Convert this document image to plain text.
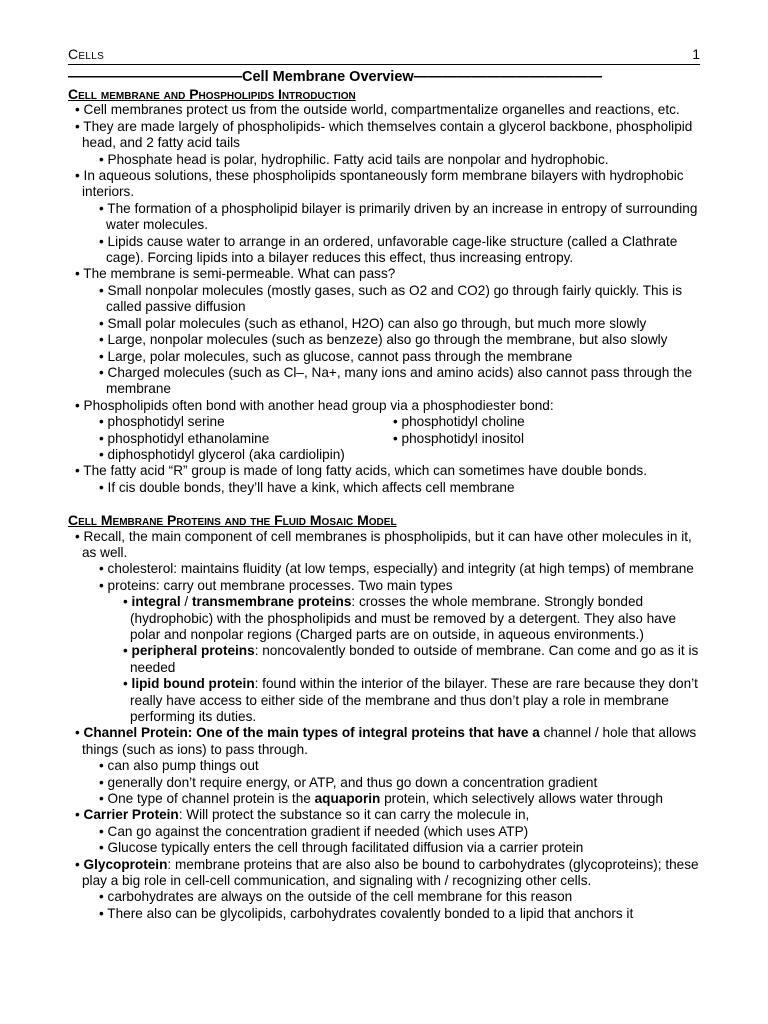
Cells	1

————————————Cell Membrane Overview—————————————

Cell membrane and Phospholipids Introduction

• Cell membranes protect us from the outside world, compartmentalize organelles and reactions, etc.

• They are made largely of phospholipids- which themselves contain a glycerol backbone, phospholipid head, and 2 fatty acid tails

• Phosphate head is polar, hydrophilic. Fatty acid tails are nonpolar and hydrophobic.

• In aqueous solutions, these phospholipids spontaneously form membrane bilayers with hydrophobic interiors.

• The formation of a phospholipid bilayer is primarily driven by an increase in entropy of surrounding water molecules.

• Lipids cause water to arrange in an ordered, unfavorable cage-like structure (called a Clathrate cage). Forcing lipids into a bilayer reduces this effect, thus increasing entropy.

• The membrane is semi-permeable. What can pass?

• Small nonpolar molecules (mostly gases, such as O2 and CO2) go through fairly quickly. This is called passive diffusion

• Small polar molecules (such as ethanol, H2O) can also go through, but much more slowly

• Large, nonpolar molecules (such as benzeze) also go through the membrane, but also slowly

• Large, polar molecules, such as glucose, cannot pass through the membrane

• Charged molecules (such as Cl–, Na+, many ions and amino acids) also cannot pass through the membrane

• Phospholipids often bond with another head group via a phosphodiester bond:

• phosphotidyl serine	• phosphotidyl choline
• phosphotidyl ethanolamine	• phosphotidyl inositol
• diphosphotidyl glycerol (aka cardiolipin)

• The fatty acid “R” group is made of long fatty acids, which can sometimes have double bonds.

• If cis double bonds, they’ll have a kink, which affects cell membrane

Cell Membrane Proteins and the Fluid Mosaic Model

• Recall, the main component of cell membranes is phospholipids, but it can have other molecules in it, as well.

• cholesterol: maintains fluidity (at low temps, especially) and integrity (at high temps) of membrane

• proteins: carry out membrane processes. Two main types

• integral / transmembrane proteins: crosses the whole membrane. Strongly bonded (hydrophobic) with the phospholipids and must be removed by a detergent. They also have polar and nonpolar regions (Charged parts are on outside, in aqueous environments.)

• peripheral proteins: noncovalently bonded to outside of membrane. Can come and go as it is needed

• lipid bound protein: found within the interior of the bilayer. These are rare because they don’t really have access to either side of the membrane and thus don’t play a role in membrane performing its duties.

• Channel Protein: One of the main types of integral proteins that have a channel / hole that allows things (such as ions) to pass through.

• can also pump things out

• generally don’t require energy, or ATP, and thus go down a concentration gradient

• One type of channel protein is the aquaporin protein, which selectively allows water through

• Carrier Protein: Will protect the substance so it can carry the molecule in,

• Can go against the concentration gradient if needed (which uses ATP)

• Glucose typically enters the cell through facilitated diffusion via a carrier protein

• Glycoprotein: membrane proteins that are also also be bound to carbohydrates (glycoproteins); these play a big role in cell-cell communication, and signaling with / recognizing other cells.

• carbohydrates are always on the outside of the cell membrane for this reason

• There also can be glycolipids, carbohydrates covalently bonded to a lipid that anchors it
